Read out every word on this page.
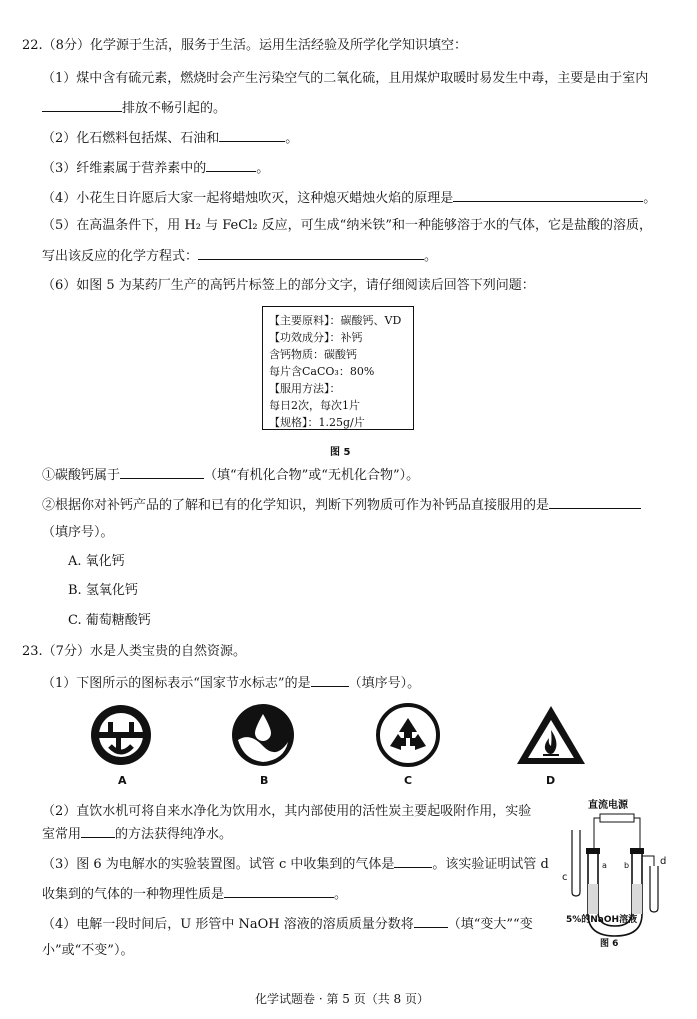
22.（8分）化学源于生活，服务于生活。运用生活经验及所学化学知识填空：
（1）煤中含有硫元素，燃烧时会产生污染空气的二氧化硫，且用煤炉取暖时易发生中毒，主要是由于室内
排放不畅引起的。
（2）化石燃料包括煤、石油和	。
（3）纤维素属于营养素中的	。
（4）小花生日许愿后大家一起将蜡烛吹灭，这种熄灭蜡烛火焰的原理是	。
（5）在高温条件下，用 H₂ 与 FeCl₂ 反应，可生成“纳米铁”和一种能够溶于水的气体，它是盐酸的溶质，
写出该反应的化学方程式：	。
（6）如图 5 为某药厂生产的高钙片标签上的部分文字，请仔细阅读后回答下列问题：
【主要原料】：碳酸钙、VD
【功效成分】：补钙
含钙物质：碳酸钙
每片含CaCO₃：80%
【服用方法】：
每日2次，每次1片
【规格】：1.25g/片
图 5
①碳酸钙属于	（填“有机化合物”或“无机化合物”）。
②根据你对补钙产品的了解和已有的化学知识，判断下列物质可作为补钙品直接服用的是
（填序号）。
A. 氧化钙
B. 氢氧化钙
C. 葡萄糖酸钙
23.（7分）水是人类宝贵的自然资源。
（1）下图所示的图标表示“国家节水标志”的是	（填序号）。
A	B	C	D
（2）直饮水机可将自来水净化为饮用水，其内部使用的活性炭主要起吸附作用，实验
室常用	的方法获得纯净水。
（3）图 6 为电解水的实验装置图。试管 c 中收集到的气体是	。该实验证明试管 d
收集到的气体的一种物理性质是	。
（4）电解一段时间后，U 形管中 NaOH 溶液的溶质质量分数将	（填“变大”“变
小”或“不变”）。
直流电源
c
a b	d
5%的NaOH溶液
图 6
化学试题卷 · 第 5 页（共 8 页）
